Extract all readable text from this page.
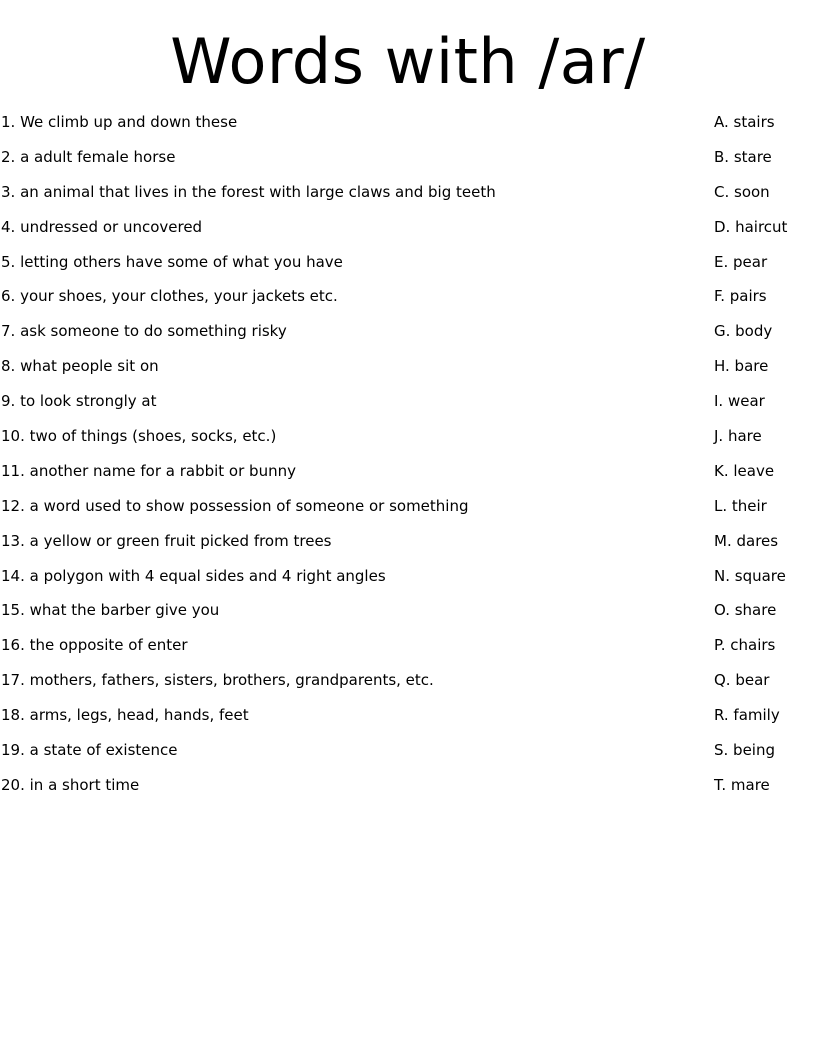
Words with /ar/
1. We climb up and down these	A. stairs
2. a adult female horse	B. stare
3. an animal that lives in the forest with large claws and big teeth	C. soon
4. undressed or uncovered	D. haircut
5. letting others have some of what you have	E. pear
6. your shoes, your clothes, your jackets etc.	F. pairs
7. ask someone to do something risky	G. body
8. what people sit on	H. bare
9. to look strongly at	I. wear
10. two of things (shoes, socks, etc.)	J. hare
11. another name for a rabbit or bunny	K. leave
12. a word used to show possession of someone or something	L. their
13. a yellow or green fruit picked from trees	M. dares
14. a polygon with 4 equal sides and 4 right angles	N. square
15. what the barber give you	O. share
16. the opposite of enter	P. chairs
17. mothers, fathers, sisters, brothers, grandparents, etc.	Q. bear
18. arms, legs, head, hands, feet	R. family
19. a state of existence	S. being
20. in a short time	T. mare
